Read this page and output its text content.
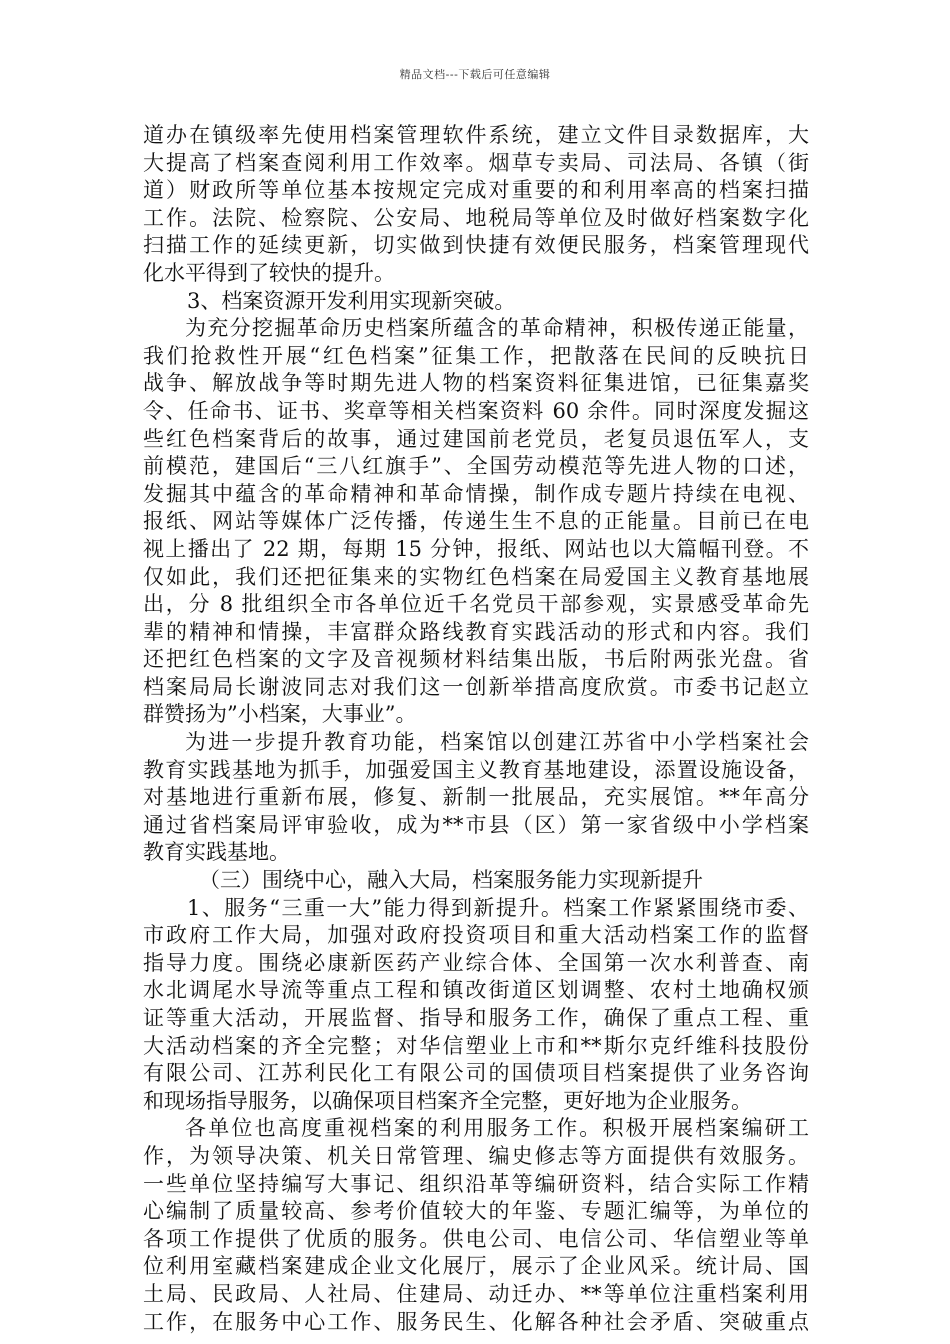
精品文档---下载后可任意编辑
道办在镇级率先使用档案管理软件系统，建立文件目录数据库，大
大提高了档案查阅利用工作效率。烟草专卖局、司法局、各镇（街
道）财政所等单位基本按规定完成对重要的和利用率高的档案扫描
工作。法院、检察院、公安局、地税局等单位及时做好档案数字化
扫描工作的延续更新，切实做到快捷有效便民服务，档案管理现代
化水平得到了较快的提升。
3、档案资源开发利用实现新突破。
为充分挖掘革命历史档案所蕴含的革命精神，积极传递正能量，
我们抢救性开展“红色档案”征集工作，把散落在民间的反映抗日
战争、解放战争等时期先进人物的档案资料征集进馆，已征集嘉奖
令、任命书、证书、奖章等相关档案资料 60 余件。同时深度发掘这
些红色档案背后的故事，通过建国前老党员，老复员退伍军人，支
前模范，建国后“三八红旗手”、全国劳动模范等先进人物的口述，
发掘其中蕴含的革命精神和革命情操，制作成专题片持续在电视、
报纸、网站等媒体广泛传播，传递生生不息的正能量。目前已在电
视上播出了 22 期，每期 15 分钟，报纸、网站也以大篇幅刊登。不
仅如此，我们还把征集来的实物红色档案在局爱国主义教育基地展
出，分 8 批组织全市各单位近千名党员干部参观，实景感受革命先
辈的精神和情操，丰富群众路线教育实践活动的形式和内容。我们
还把红色档案的文字及音视频材料结集出版，书后附两张光盘。省
档案局局长谢波同志对我们这一创新举措高度欣赏。市委书记赵立
群赞扬为”小档案，大事业”。
为进一步提升教育功能，档案馆以创建江苏省中小学档案社会
教育实践基地为抓手，加强爱国主义教育基地建设，添置设施设备，
对基地进行重新布展，修复、新制一批展品，充实展馆。**年高分
通过省档案局评审验收，成为**市县（区）第一家省级中小学档案
教育实践基地。
（三）围绕中心，融入大局，档案服务能力实现新提升
1、服务“三重一大”能力得到新提升。档案工作紧紧围绕市委、
市政府工作大局，加强对政府投资项目和重大活动档案工作的监督
指导力度。围绕必康新医药产业综合体、全国第一次水利普查、南
水北调尾水导流等重点工程和镇改街道区划调整、农村土地确权颁
证等重大活动，开展监督、指导和服务工作，确保了重点工程、重
大活动档案的齐全完整；对华信塑业上市和**斯尔克纤维科技股份
有限公司、江苏利民化工有限公司的国债项目档案提供了业务咨询
和现场指导服务，以确保项目档案齐全完整，更好地为企业服务。
各单位也高度重视档案的利用服务工作。积极开展档案编研工
作，为领导决策、机关日常管理、编史修志等方面提供有效服务。
一些单位坚持编写大事记、组织沿革等编研资料，结合实际工作精
心编制了质量较高、参考价值较大的年鉴、专题汇编等，为单位的
各项工作提供了优质的服务。供电公司、电信公司、华信塑业等单
位利用室藏档案建成企业文化展厅，展示了企业风采。统计局、国
土局、民政局、人社局、住建局、动迁办、**等单位注重档案利用
工作，在服务中心工作、服务民生、化解各种社会矛盾、突破重点
